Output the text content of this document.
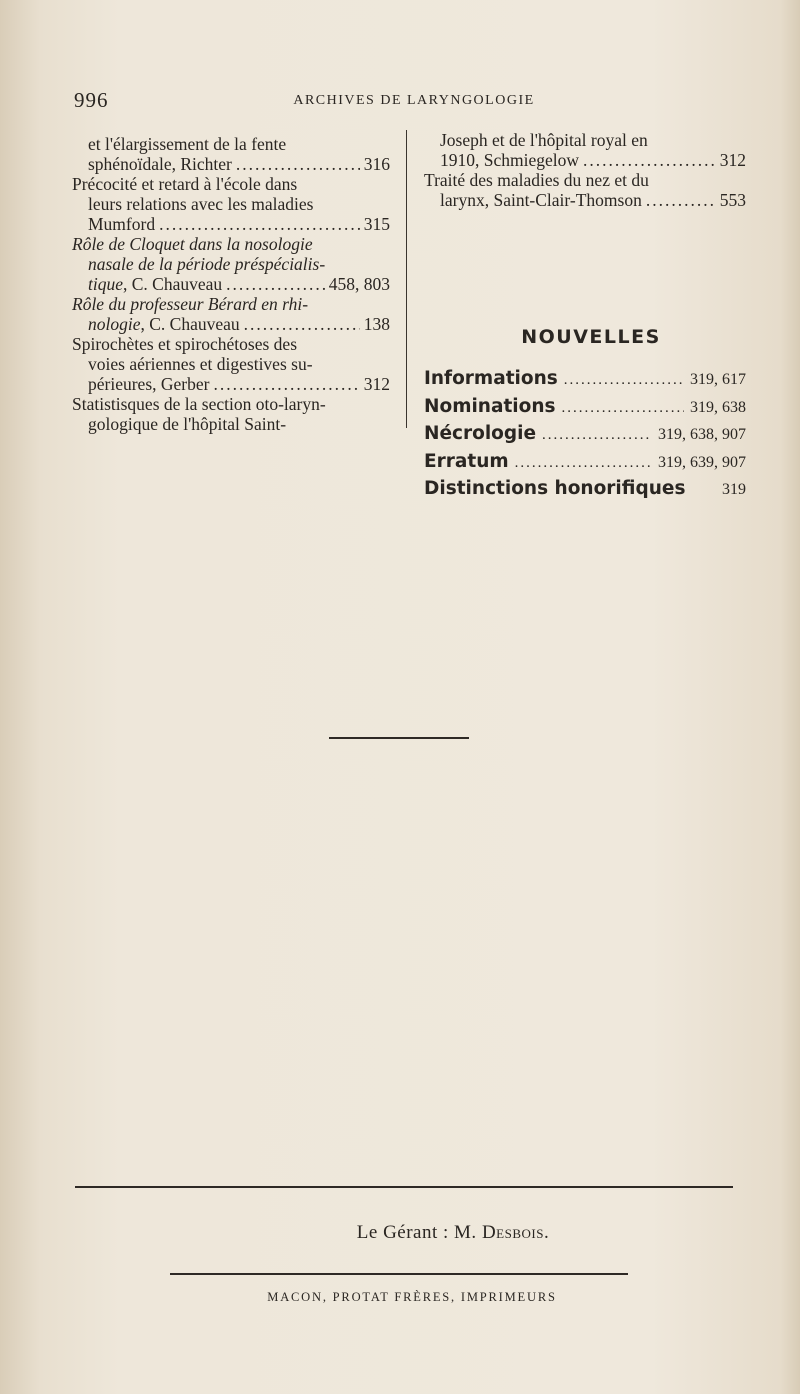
996	ARCHIVES DE LARYNGOLOGIE
et l'élargissement de la fente
sphénoïdale, Richter .....	316
Précocité et retard à l'école dans
leurs relations avec les maladies
Mumford .....	315
Rôle de Cloquet dans la nosologie
nasale de la période préspécialis-
tique, C. Chauveau .....	458, 803
Rôle du professeur Bérard en rhi-
nologie, C. Chauveau .....	138
Spirochètes et spirochétoses des
voies aériennes et digestives su-
périeures, Gerber .....	312
Statistisques de la section oto-laryn-
gologique de l'hôpital Saint-
Joseph et de l'hôpital royal en
1910, Schmiegelow .....	312
Traité des maladies du nez et du
larynx, Saint-Clair-Thomson .....	553
NOUVELLES
Informations .....	319, 617
Nominations .....	319, 638
Nécrologie .....	319, 638, 907
Erratum .....	319, 639, 907
Distinctions honorifiques 319
Le Gérant : M. Desbois.
MACON, PROTAT FRÈRES, IMPRIMEURS
